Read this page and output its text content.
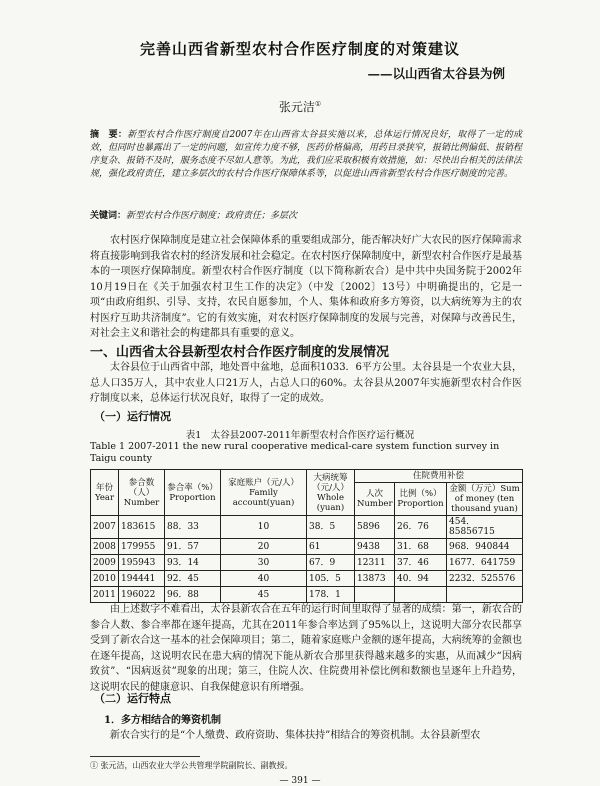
完善山西省新型农村合作医疗制度的对策建议
——以山西省太谷县为例
张元洁①
摘　要：新型农村合作医疗制度自2007年在山西省太谷县实施以来，总体运行情况良好，取得了一定的成效，但同时也暴露出了一定的问题，如宣传力度不够，医药价格偏高，用药目录狭窄，报销比例偏低、报销程序复杂、报销不及时，服务态度不尽如人意等。为此，我们应采取积极有效措施，如：尽快出台相关的法律法规，强化政府责任，建立多层次的农村合作医疗保障体系等，以促进山西省新型农村合作医疗制度的完善。
关键词：新型农村合作医疗制度；政府责任；多层次
农村医疗保障制度是建立社会保障体系的重要组成部分，能否解决好广大农民的医疗保障需求将直接影响到我省农村的经济发展和社会稳定。在农村医疗保障制度中，新型农村合作医疗是最基本的一项医疗保障制度。新型农村合作医疗制度（以下简称新农合）是中共中央国务院于2002年10月19日在《关于加强农村卫生工作的决定》（中发〔2002〕13号）中明确提出的，它是一项“由政府组织、引导、支持，农民自愿参加，个人、集体和政府多方筹资，以大病统筹为主的农村医疗互助共济制度”。它的有效实施，对农村医疗保障制度的发展与完善，对保障与改善民生，对社会主义和谐社会的构建都具有重要的意义。
一、山西省太谷县新型农村合作医疗制度的发展情况
太谷县位于山西省中部，地处晋中盆地，总面积1033．6平方公里。太谷县是一个农业大县，总人口35万人，其中农业人口21万人，占总人口的60%。太谷县从2007年实施新型农村合作医疗制度以来，总体运行状况良好，取得了一定的成效。
（一）运行情况
表1　太谷县2007-2011年新型农村合作医疗运行概况
Table 1 2007-2011 the new rural cooperative medical-care system function survey in Taigu county
年份 Year	参合数（人）Number	参合率（%）Proportion	家庭账户（元/人）Family account(yuan)	大病统筹（元/人）Whole (yuan)	住院费用补偿		
					人次 Number	比例（%）Proportion	金额（万元）Sum of money (ten thousand yuan)
2007	183615	88．33	10	38．5	5896	26．76	454．85856715
2008	179955	91．57	20	61	9438	31．68	968．940844
2009	195943	93．14	30	67．9	12311	37．46	1677．641759
2010	194441	92．45	40	105．5	13873	40．94	2232．525576
2011	196022	96．88	45	178．1			
由上述数字不难看出，太谷县新农合在五年的运行时间里取得了显著的成绩：第一，新农合的参合人数、参合率都在逐年提高，尤其在2011年参合率达到了95%以上，这说明大部分农民都享受到了新农合这一基本的社会保障项目；第二，随着家庭账户金额的逐年提高，大病统筹的金额也在逐年提高，这说明农民在患大病的情况下能从新农合那里获得越来越多的实惠，从而减少“因病致贫”、“因病返贫”现象的出现；第三，住院人次、住院费用补偿比例和数额也呈逐年上升趋势，这说明农民的健康意识、自我保健意识有所增强。
（二）运行特点
1．多方相结合的筹资机制
新农合实行的是“个人缴费、政府资助、集体扶持”相结合的筹资机制。太谷县新型农
① 张元洁，山西农业大学公共管理学院副院长、副教授。
— 391 —
